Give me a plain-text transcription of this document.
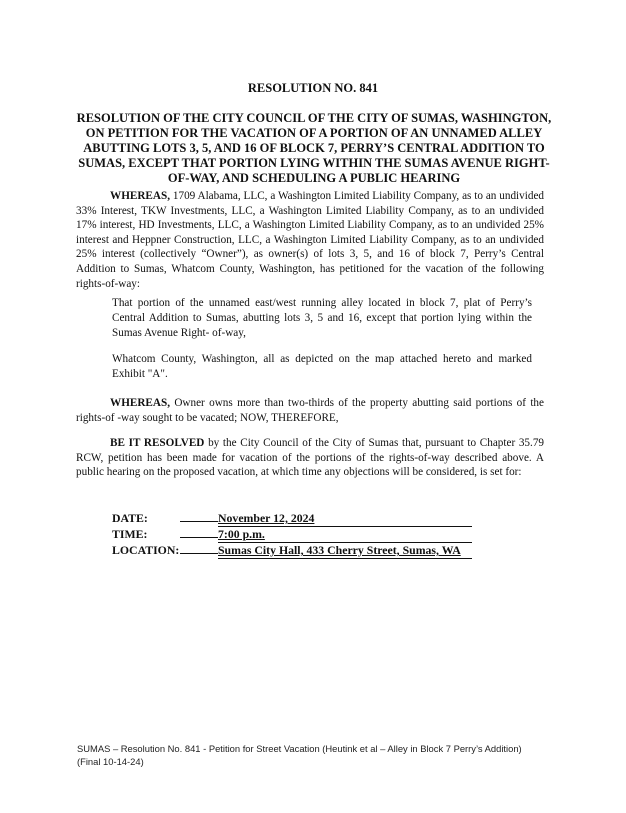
RESOLUTION NO. 841
RESOLUTION OF THE CITY COUNCIL OF THE CITY OF SUMAS, WASHINGTON, ON PETITION FOR THE VACATION OF A PORTION OF AN UNNAMED ALLEY ABUTTING LOTS 3, 5, AND 16 OF BLOCK 7, PERRY’S CENTRAL ADDITION TO SUMAS, EXCEPT THAT PORTION LYING WITHIN THE SUMAS AVENUE RIGHT-OF-WAY, AND SCHEDULING A PUBLIC HEARING
WHEREAS, 1709 Alabama, LLC, a Washington Limited Liability Company, as to an undivided 33% Interest, TKW Investments, LLC, a Washington Limited Liability Company, as to an undivided 17% interest, HD Investments, LLC, a Washington Limited Liability Company, as to an undivided 25% interest and Heppner Construction, LLC, a Washington Limited Liability Company, as to an undivided 25% interest (collectively “Owner”), as owner(s) of lots 3, 5, and 16 of block 7, Perry’s Central Addition to Sumas, Whatcom County, Washington, has petitioned for the vacation of the following rights-of-way:
That portion of the unnamed east/west running alley located in block 7, plat of Perry’s Central Addition to Sumas, abutting lots 3, 5 and 16, except that portion lying within the Sumas Avenue Right- of-way,
Whatcom County, Washington, all as depicted on the map attached hereto and marked Exhibit "A".
WHEREAS, Owner owns more than two-thirds of the property abutting said portions of the rights-of -way sought to be vacated; NOW, THEREFORE,
BE IT RESOLVED by the City Council of the City of Sumas that, pursuant to Chapter 35.79 RCW, petition has been made for vacation of the portions of the rights-of-way described above. A public hearing on the proposed vacation, at which time any objections will be considered, is set for:
DATE:	November 12, 2024
TIME:	7:00 p.m.
LOCATION:	Sumas City Hall, 433 Cherry Street, Sumas, WA
SUMAS – Resolution No. 841 - Petition for Street Vacation (Heutink et al – Alley in Block 7 Perry’s Addition) (Final 10-14-24)
